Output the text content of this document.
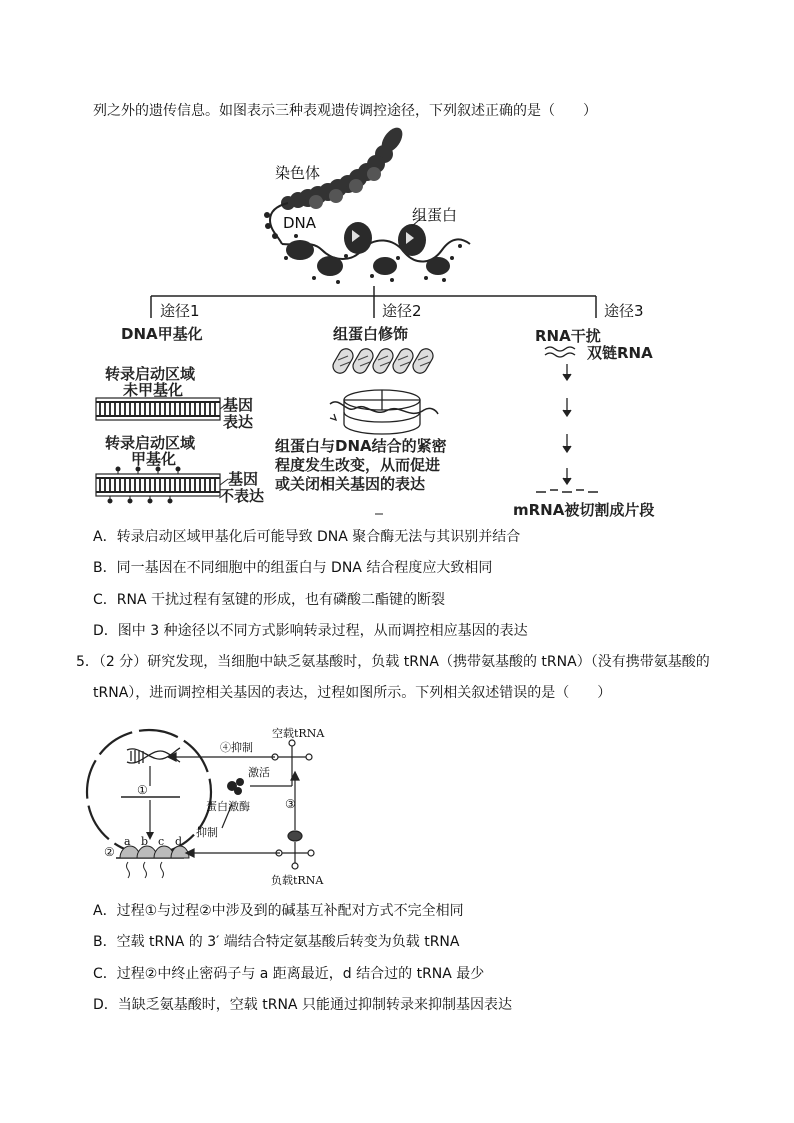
列之外的遗传信息。如图表示三种表观遗传调控途径，下列叙述正确的是（　　）
染色体
DNA	组蛋白
途径1	途径2	途径3
DNA甲基化	组蛋白修饰	RNA干扰
双链RNA
转录启动区域
未甲基化
基因
表达
转录启动区域
甲基化
基因
不表达
组蛋白与DNA结合的紧密
程度发生改变，从而促进
或关闭相关基因的表达
mRNA被切割成片段
A．转录启动区域甲基化后可能导致 DNA 聚合酶无法与其识别并结合
B．同一基因在不同细胞中的组蛋白与 DNA 结合程度应大致相同
C．RNA 干扰过程有氢键的形成，也有磷酸二酯键的断裂
D．图中 3 种途径以不同方式影响转录过程，从而调控相应基因的表达
5．（2 分）研究发现，当细胞中缺乏氨基酸时，负载 tRNA（携带氨基酸的 tRNA）（没有携带氨基酸的
tRNA），进而调控相关基因的表达，过程如图所示。下列相关叙述错误的是（　　）
空载tRNA
④抑制
激活
蛋白激酶
抑制
①
②
③
a b c d
负载tRNA
A．过程①与过程②中涉及到的碱基互补配对方式不完全相同
B．空载 tRNA 的 3′ 端结合特定氨基酸后转变为负载 tRNA
C．过程②中终止密码子与 a 距离最近，d 结合过的 tRNA 最少
D．当缺乏氨基酸时，空载 tRNA 只能通过抑制转录来抑制基因表达
